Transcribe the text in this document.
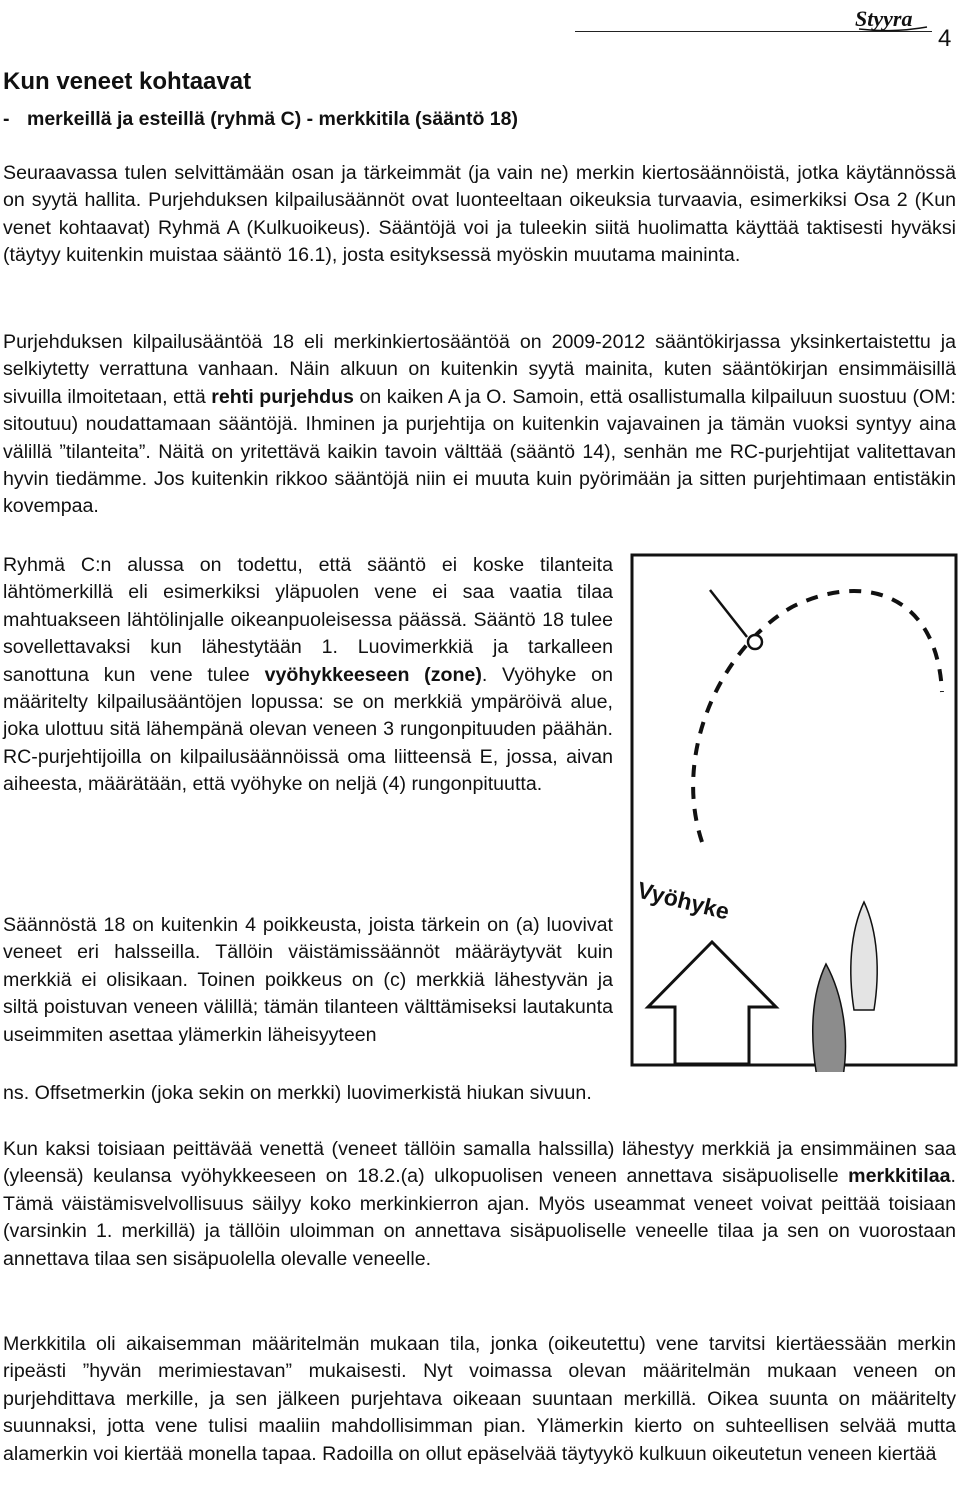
Styyra
4
Kun veneet kohtaavat
- merkeillä ja esteillä (ryhmä C) - merkkitila (sääntö 18)

Seuraavassa tulen selvittämään osan ja tärkeimmät (ja vain ne) merkin kiertosäännöistä, jotka käytännössä on syytä hallita. Purjehduksen kilpailusäännöt ovat luonteeltaan oikeuksia turvaavia, esimerkiksi Osa 2 (Kun venet kohtaavat) Ryhmä A (Kulkuoikeus). Sääntöjä voi ja tuleekin siitä huolimatta käyttää taktisesti hyväksi (täytyy kuitenkin muistaa sääntö 16.1), josta esityksessä myöskin muutama maininta.

Purjehduksen kilpailusääntöä 18 eli merkinkiertosääntöä on 2009-2012 sääntökirjassa yksinkertaistettu ja selkiytetty verrattuna vanhaan. Näin alkuun on kuitenkin syytä mainita, kuten sääntökirjan ensimmäisillä sivuilla ilmoitetaan, että rehti purjehdus on kaiken A ja O. Samoin, että osallistumalla kilpailuun suostuu (OM: sitoutuu) noudattamaan sääntöjä. Ihminen ja purjehtija on kuitenkin vajavainen ja tämän vuoksi syntyy aina välillä ”tilanteita”. Näitä on yritettävä kaikin tavoin välttää (sääntö 14), senhän me RC-purjehtijat valitettavan hyvin tiedämme. Jos kuitenkin rikkoo sääntöjä niin ei muuta kuin pyörimään ja sitten purjehtimaan entistäkin kovempaa.

Ryhmä C:n alussa on todettu, että sääntö ei koske tilanteita lähtömerkillä eli esimerkiksi yläpuolen vene ei saa vaatia tilaa mahtuakseen lähtölinjalle oikeanpuoleisessa päässä. Sääntö 18 tulee sovellettavaksi kun lähestytään 1. Luovimerkkiä ja tarkalleen sanottuna kun vene tulee vyöhykkeeseen (zone). Vyöhyke on määritelty kilpailusääntöjen lopussa: se on merkkiä ympäröivä alue, joka ulottuu sitä lähempänä olevan veneen 3 rungonpituuden päähän. RC-purjehtijoilla on kilpailusäännöissä oma liitteensä E, jossa, aivan aiheesta, määrätään, että vyöhyke on neljä (4) rungonpituutta.

Säännöstä 18 on kuitenkin 4 poikkeusta, joista tärkein on (a) luovivat veneet eri halsseilla. Tällöin väistämissäännöt määräytyvät kuin merkkiä ei olisikaan. Toinen poikkeus on (c) merkkiä lähestyvän ja siltä poistuvan veneen välillä; tämän tilanteen välttämiseksi lautakunta useimmiten asettaa ylämerkin läheisyyteen

ns. Offsetmerkin (joka sekin on merkki) luovimerkistä hiukan sivuun.

Kun kaksi toisiaan peittävää venettä (veneet tällöin samalla halssilla) lähestyy merkkiä ja ensimmäinen saa (yleensä) keulansa vyöhykkeeseen on 18.2.(a) ulkopuolisen veneen annettava sisäpuoliselle merkkitilaa. Tämä väistämisvelvollisuus säilyy koko merkinkierron ajan. Myös useammat veneet voivat peittää toisiaan (varsinkin 1. merkillä) ja tällöin uloimman on annettava sisäpuoliselle veneelle tilaa ja sen on vuorostaan annettava tilaa sen sisäpuolella olevalle veneelle.

Merkkitila oli aikaisemman määritelmän mukaan tila, jonka (oikeutettu) vene tarvitsi kiertäessään merkin ripeästi ”hyvän merimiestavan” mukaisesti. Nyt voimassa olevan määritelmän mukaan veneen on purjehdittava merkille, ja sen jälkeen purjehtava oikeaan suuntaan merkillä. Oikea suunta on määritelty suunnaksi, jotta vene tulisi maaliin mahdollisimman pian. Ylämerkin kierto on suhteellisen selvää mutta alamerkin voi kiertää monella tapaa. Radoilla on ollut epäselvää täytyykö kulkuun oikeutetun veneen kiertää

Vyöhyke
